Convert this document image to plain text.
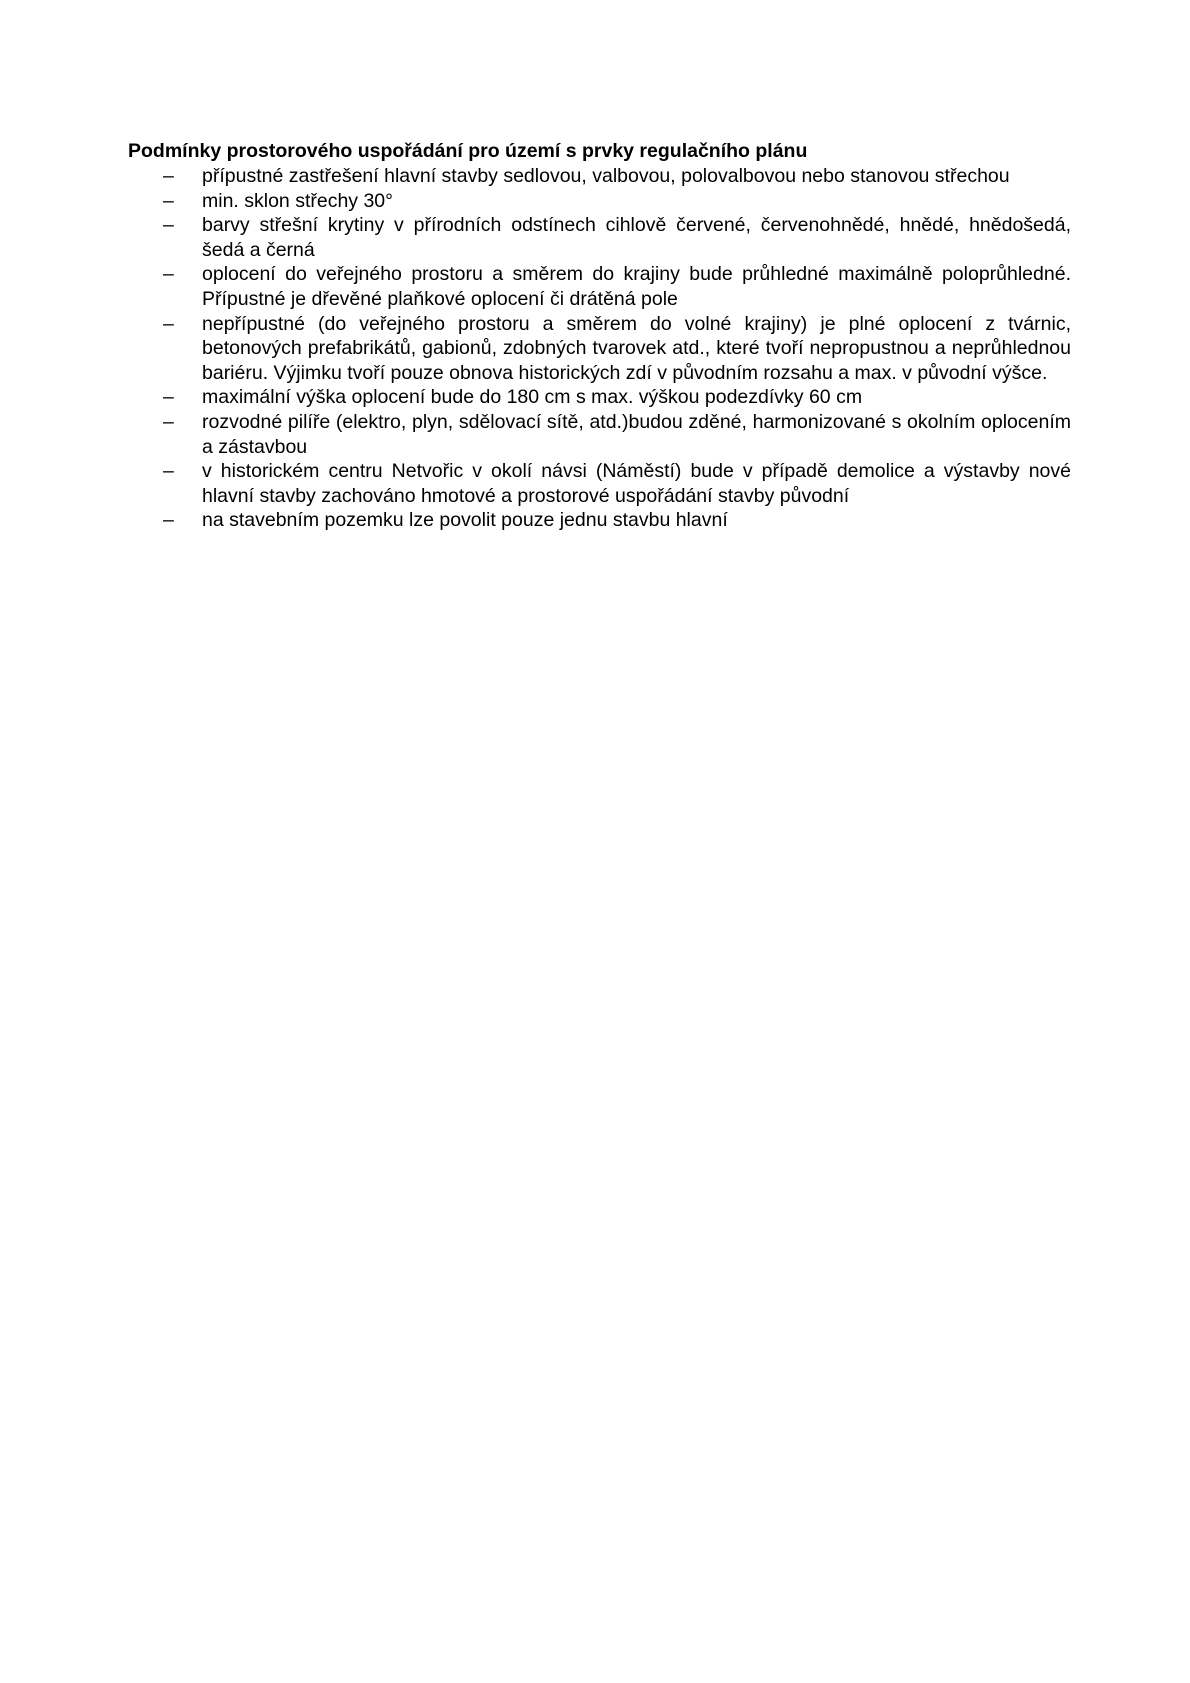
Podmínky prostorového uspořádání pro území s prvky regulačního plánu

– přípustné zastřešení hlavní stavby sedlovou, valbovou, polovalbovou nebo stanovou střechou
– min. sklon střechy 30°
– barvy střešní krytiny v přírodních odstínech cihlově červené, červenohnědé, hnědé, hnědošedá, šedá a černá
– oplocení do veřejného prostoru a směrem do krajiny bude průhledné maximálně poloprůhledné. Přípustné je dřevěné plaňkové oplocení či drátěná pole
– nepřípustné (do veřejného prostoru a směrem do volné krajiny) je plné oplocení z tvárnic, betonových prefabrikátů, gabionů, zdobných tvarovek atd., které tvoří nepropustnou a neprůhlednou bariéru. Výjimku tvoří pouze obnova historických zdí v původním rozsahu a max. v původní výšce.
– maximální výška oplocení bude do 180 cm s max. výškou podezdívky 60 cm
– rozvodné pilíře (elektro, plyn, sdělovací sítě, atd.)budou zděné, harmonizované s okolním oplocením a zástavbou
– v historickém centru Netvořic v okolí návsi (Náměstí) bude v případě demolice a výstavby nové hlavní stavby zachováno hmotové a prostorové uspořádání stavby původní
– na stavebním pozemku lze povolit pouze jednu stavbu hlavní
